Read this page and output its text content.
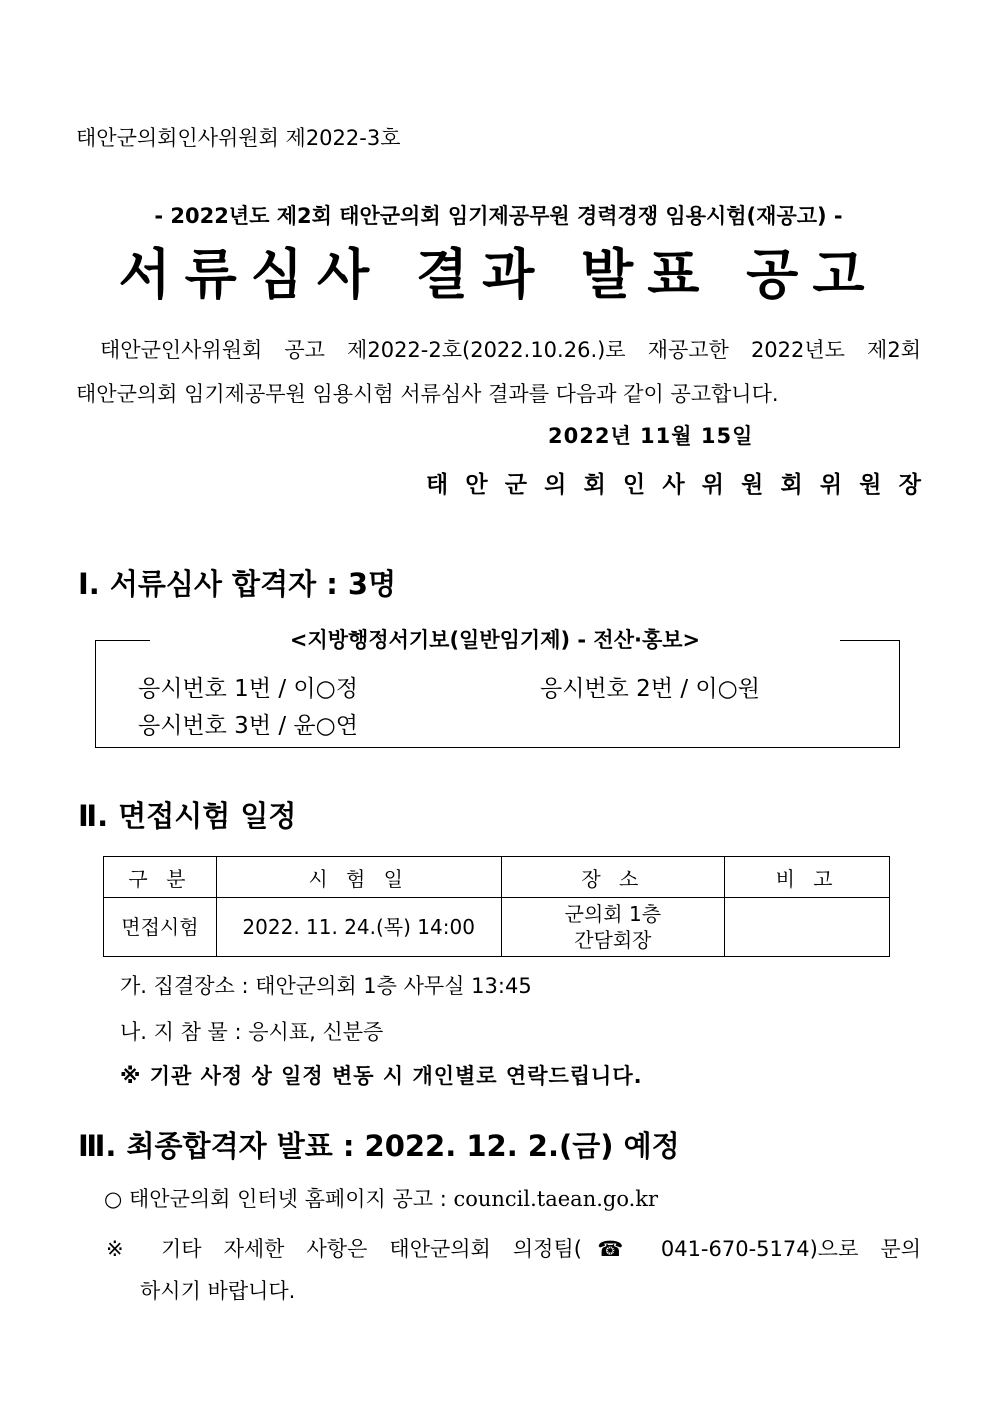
태안군의회인사위원회 제2022-3호
- 2022년도 제2회 태안군의회 임기제공무원 경력경쟁 임용시험(재공고) -
서류심사 결과 발표 공고
태안군인사위원회 공고 제2022-2호(2022.10.26.)로 재공고한 2022년도 제2회
태안군의회 임기제공무원 임용시험 서류심사 결과를 다음과 같이 공고합니다.
2022년 11월 15일
태 안 군 의 회 인 사 위 원 회 위 원 장
Ⅰ. 서류심사 합격자 : 3명
<지방행정서기보(일반임기제) - 전산·홍보>
응시번호 1번 / 이○정	응시번호 2번 / 이○원
응시번호 3번 / 윤○연
Ⅱ. 면접시험 일정
구 분	시 험 일	장 소	비 고
면접시험	2022. 11. 24.(목) 14:00	군의회 1층
간담회장	

가. 집결장소 : 태안군의회 1층 사무실 13:45
나. 지 참 물 : 응시표, 신분증
※ 기관 사정 상 일정 변동 시 개인별로 연락드립니다.
Ⅲ. 최종합격자 발표 : 2022. 12. 2.(금) 예정
○ 태안군의회 인터넷 홈페이지 공고 : council.taean.go.kr
※ 기타 자세한 사항은 태안군의회 의정팀(☎ 041-670-5174)으로 문의
하시기 바랍니다.
